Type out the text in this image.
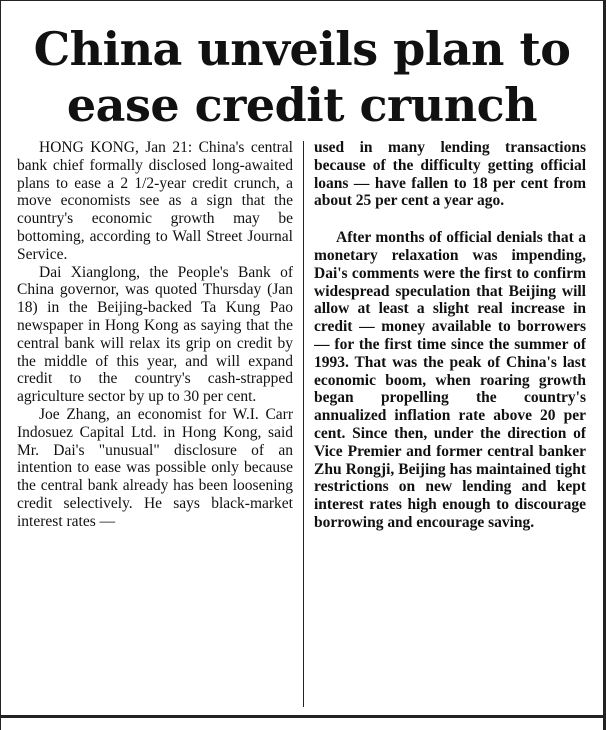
China unveils plan to ease credit crunch

HONG KONG, Jan 21: China's central bank chief formally disclosed long-awaited plans to ease a 2 1/2-year credit crunch, a move economists see as a sign that the country's economic growth may be bottoming, according to Wall Street Journal Service.

Dai Xianglong, the People's Bank of China governor, was quoted Thursday (Jan 18) in the Beijing-backed Ta Kung Pao newspaper in Hong Kong as saying that the central bank will relax its grip on credit by the middle of this year, and will expand credit to the country's cash-strapped agriculture sector by up to 30 per cent.

Joe Zhang, an economist for W.I. Carr Indosuez Capital Ltd. in Hong Kong, said Mr. Dai's "unusual" disclosure of an intention to ease was possible only because the central bank already has been loosening credit selectively. He says black-market interest rates —

used in many lending transactions because of the difficulty getting official loans — have fallen to 18 per cent from about 25 per cent a year ago.

After months of official denials that a monetary relaxation was impending, Dai's comments were the first to confirm widespread speculation that Beijing will allow at least a slight real increase in credit — money available to borrowers — for the first time since the summer of 1993. That was the peak of China's last economic boom, when roaring growth began propelling the country's annualized inflation rate above 20 per cent. Since then, under the direction of Vice Premier and former central banker Zhu Rongji, Beijing has maintained tight restrictions on new lending and kept interest rates high enough to discourage borrowing and encourage saving.
